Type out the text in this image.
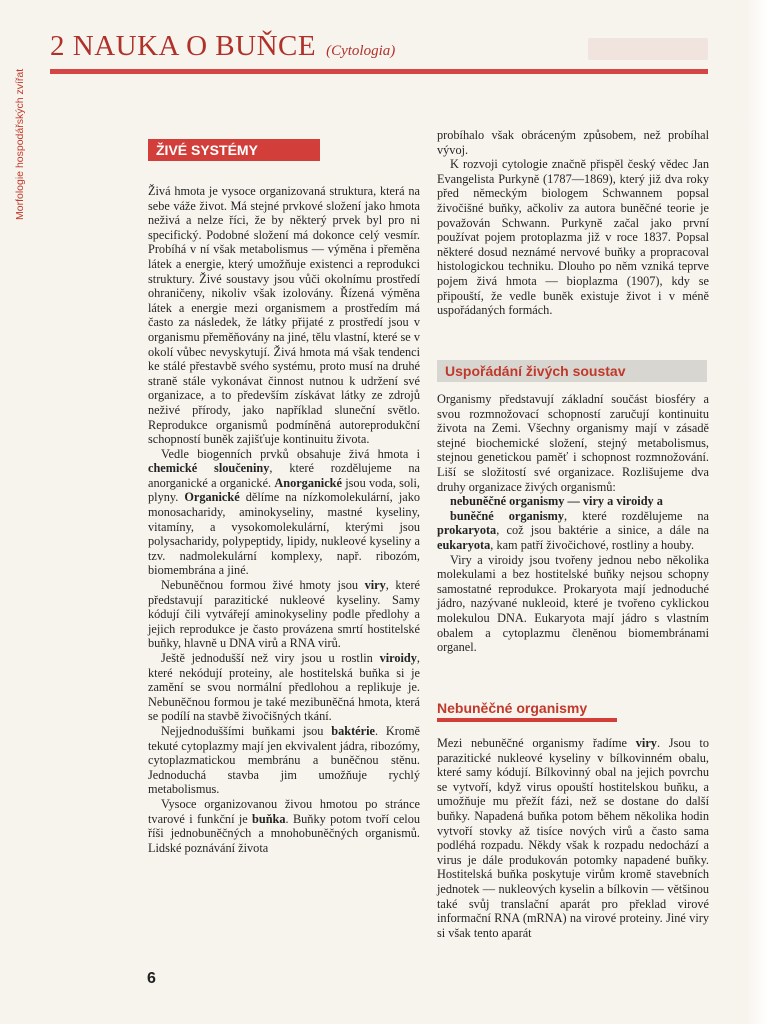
Morfologie hospodářských zvířat
2 NAUKA O BUŇCE (Cytologia)
ŽIVÉ SYSTÉMY

Živá hmota je vysoce organizovaná struktura, která na sebe váže život. Má stejné prvkové složení jako hmota neživá a nelze říci, že by některý prvek byl pro ni specifický. Podobné složení má dokonce celý vesmír. Probíhá v ní však metabolismus — výměna i přeměna látek a energie, který umožňuje existenci a reprodukci struktury. Živé soustavy jsou vůči okolnímu prostředí ohraničeny, nikoliv však izolovány. Řízená výměna látek a energie mezi organismem a prostředím má často za následek, že látky přijaté z prostředí jsou v organismu přeměňovány na jiné, tělu vlastní, které se v okolí vůbec nevyskytují. Živá hmota má však tendenci ke stálé přestavbě svého systému, proto musí na druhé straně stále vykonávat činnost nutnou k udržení své organizace, a to především získávat látky ze zdrojů neživé přírody, jako například sluneční světlo. Reprodukce organismů podmíněná autoreprodukční schopností buněk zajišťuje kontinuitu života.

Vedle biogenních prvků obsahuje živá hmota i chemické sloučeniny, které rozdělujeme na anorganické a organické. Anorganické jsou voda, soli, plyny. Organické dělíme na nízkomolekulární, jako monosacharidy, aminokyseliny, mastné kyseliny, vitamíny, a vysokomolekulární, kterými jsou polysacharidy, polypeptidy, lipidy, nukleové kyseliny a tzv. nadmolekulární komplexy, např. ribozóm, biomembrána a jiné.

Nebuněčnou formou živé hmoty jsou viry, které představují parazitické nukleové kyseliny. Samy kódují čili vytvářejí aminokyseliny podle předlohy a jejich reprodukce je často provázena smrtí hostitelské buňky, hlavně u DNA virů a RNA virů.

Ještě jednodušší než viry jsou u rostlin viroidy, které nekódují proteiny, ale hostitelská buňka si je zamění se svou normální předlohou a replikuje je. Nebuněčnou formou je také mezibuněčná hmota, která se podílí na stavbě živočišných tkání.

Nejjednoduššími buňkami jsou baktérie. Kromě tekuté cytoplazmy mají jen ekvivalent jádra, ribozómy, cytoplazmatickou membránu a buněčnou stěnu. Jednoduchá stavba jim umožňuje rychlý metabolismus.

Vysoce organizovanou živou hmotou po stránce tvarové i funkční je buňka. Buňky potom tvoří celou říši jednobuněčných a mnohobuněčných organismů. Lidské poznávání života

probíhalo však obráceným způsobem, než probíhal vývoj.

K rozvoji cytologie značně přispěl český vědec Jan Evangelista Purkyně (1787—1869), který již dva roky před německým biologem Schwannem popsal živočišné buňky, ačkoliv za autora buněčné teorie je považován Schwann. Purkyně začal jako první používat pojem protoplazma již v roce 1837. Popsal některé dosud neznámé nervové buňky a propracoval histologickou techniku. Dlouho po něm vzniká teprve pojem živá hmota — bioplazma (1907), kdy se připouští, že vedle buněk existuje život i v méně uspořádaných formách.

Uspořádání živých soustav

Organismy představují základní součást biosféry a svou rozmnožovací schopností zaručují kontinuitu života na Zemi. Všechny organismy mají v zásadě stejné biochemické složení, stejný metabolismus, stejnou genetickou paměť i schopnost rozmnožování. Liší se složitostí své organizace. Rozlišujeme dva druhy organizace živých organismů:

nebuněčné organismy — viry a viroidy a

buněčné organismy, které rozdělujeme na prokaryota, což jsou baktérie a sinice, a dále na eukaryota, kam patří živočichové, rostliny a houby.

Viry a viroidy jsou tvořeny jednou nebo několika molekulami a bez hostitelské buňky nejsou schopny samostatné reprodukce. Prokaryota mají jednoduché jádro, nazývané nukleoid, které je tvořeno cyklickou molekulou DNA. Eukaryota mají jádro s vlastním obalem a cytoplazmu členěnou biomembránami organel.

Nebuněčné organismy

Mezi nebuněčné organismy řadíme viry. Jsou to parazitické nukleové kyseliny v bílkovinném obalu, které samy kódují. Bílkovinný obal na jejich povrchu se vytvoří, když virus opouští hostitelskou buňku, a umožňuje mu přežít fázi, než se dostane do další buňky. Napadená buňka potom během několika hodin vytvoří stovky až tisíce nových virů a často sama podléhá rozpadu. Někdy však k rozpadu nedochází a virus je dále produkován potomky napadené buňky. Hostitelská buňka poskytuje virům kromě stavebních jednotek — nukleových kyselin a bílkovin — většinou také svůj translační aparát pro překlad virové informační RNA (mRNA) na virové proteiny. Jiné viry si však tento aparát

6
